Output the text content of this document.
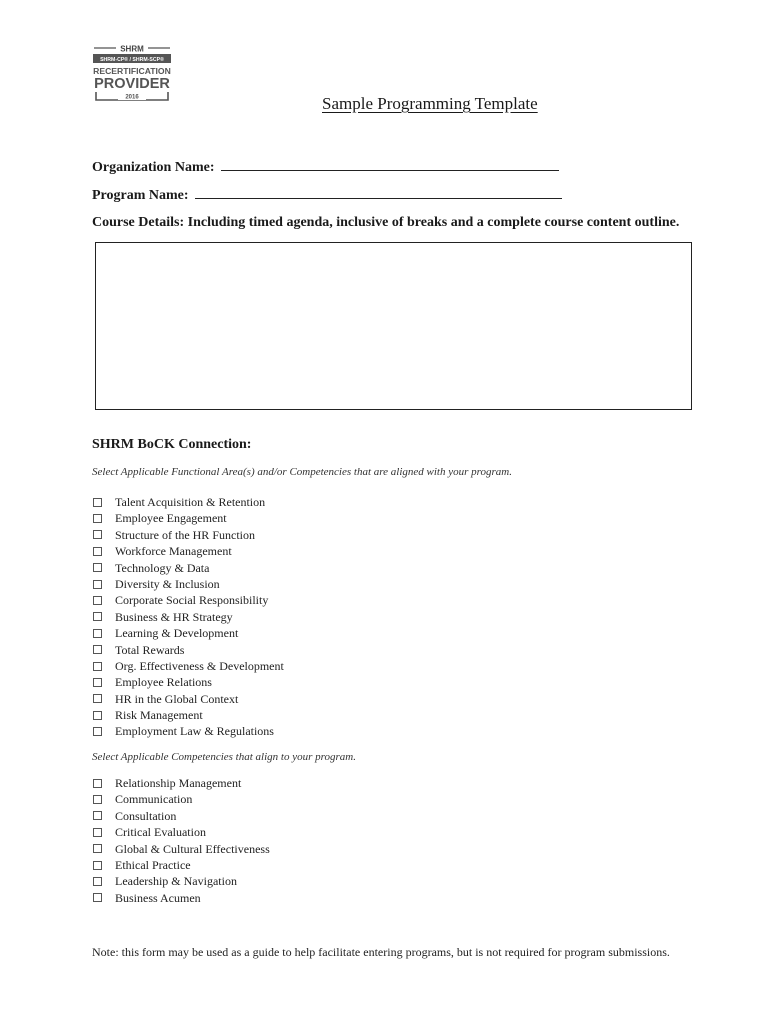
SHRM
SHRM-CP® / SHRM-SCP®
RECERTIFICATION
PROVIDER
2016	Sample Programming Template
Organization Name:
Program Name:
Course Details: Including timed agenda, inclusive of breaks and a complete course content outline.
SHRM BoCK Connection:
Select Applicable Functional Area(s) and/or Competencies that are aligned with your program.
Talent Acquisition & Retention
Employee Engagement
Structure of the HR Function
Workforce Management
Technology & Data
Diversity & Inclusion
Corporate Social Responsibility
Business & HR Strategy
Learning & Development
Total Rewards
Org. Effectiveness & Development
Employee Relations
HR in the Global Context
Risk Management
Employment Law & Regulations
Select Applicable Competencies that align to your program.
Relationship Management
Communication
Consultation
Critical Evaluation
Global & Cultural Effectiveness
Ethical Practice
Leadership & Navigation
Business Acumen
Note: this form may be used as a guide to help facilitate entering programs, but is not required for program submissions.
